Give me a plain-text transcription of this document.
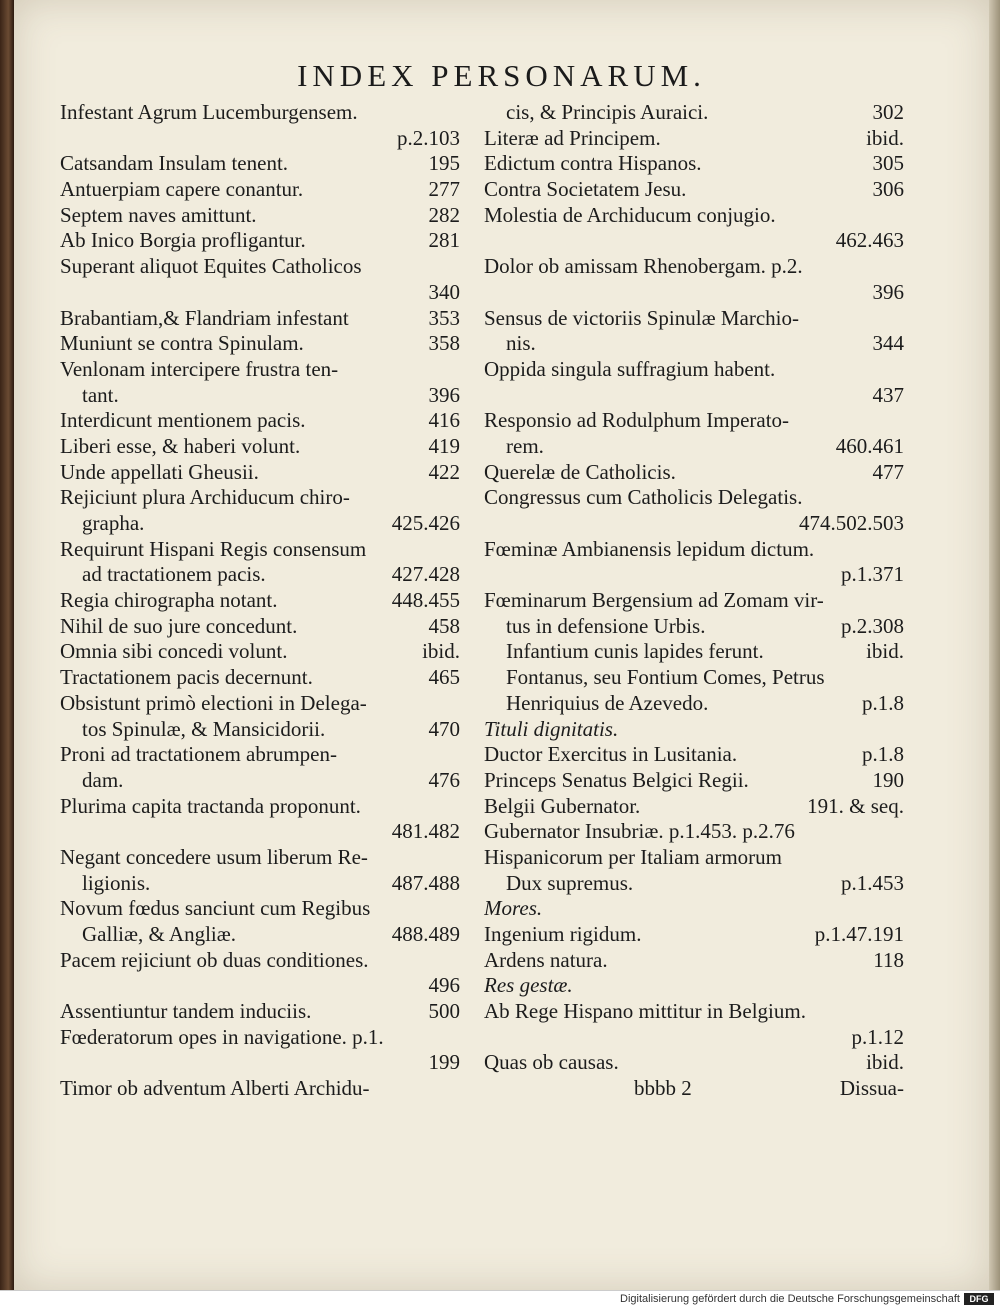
INDEX PERSONARUM.
Infestant Agrum Lucemburgensem.
p.2.103
Catsandam Insulam tenent.	195
Antuerpiam capere conantur.	277
Septem naves amittunt.	282
Ab Inico Borgia profligantur.	281
Superant aliquot Equites Catholicos
340
Brabantiam,& Flandriam infestant	353
Muniunt se contra Spinulam.	358
Venlonam intercipere frustra ten-
tant.	396
Interdicunt mentionem pacis.	416
Liberi esse, & haberi volunt.	419
Unde appellati Gheusii.	422
Rejiciunt plura Archiducum chiro-
grapha.	425.426
Requirunt Hispani Regis consensum
ad tractationem pacis.	427.428
Regia chirographa notant.	448.455
Nihil de suo jure concedunt.	458
Omnia sibi concedi volunt.	ibid.
Tractationem pacis decernunt.	465
Obsistunt primò electioni in Delega-
tos Spinulæ, & Mansicidorii.	470
Proni ad tractationem abrumpen-
dam.	476
Plurima capita tractanda proponunt.
481.482
Negant concedere usum liberum Re-
ligionis.	487.488
Novum fœdus sanciunt cum Regibus
Galliæ, & Angliæ.	488.489
Pacem rejiciunt ob duas conditiones.
496
Assentiuntur tandem induciis.	500
Fœderatorum opes in navigatione. p.1.
199
Timor ob adventum Alberti Archidu-
cis, & Principis Auraici.	302
Literæ ad Principem.	ibid.
Edictum contra Hispanos.	305
Contra Societatem Jesu.	306
Molestia de Archiducum conjugio.
462.463
Dolor ob amissam Rhenobergam. p.2.
396
Sensus de victoriis Spinulæ Marchio-
nis.	344
Oppida singula suffragium habent.
437
Responsio ad Rodulphum Imperato-
rem.	460.461
Querelæ de Catholicis.	477
Congressus cum Catholicis Delegatis.
474.502.503
Fœminæ Ambianensis lepidum dictum.
p.1.371
Fœminarum Bergensium ad Zomam vir-
tus in defensione Urbis.	p.2.308
Infantium cunis lapides ferunt.	ibid.
Fontanus, seu Fontium Comes, Petrus
Henriquius de Azevedo.	p.1.8
Tituli dignitatis.
Ductor Exercitus in Lusitania.	p.1.8
Princeps Senatus Belgici Regii.	190
Belgii Gubernator.	191. & seq.
Gubernator Insubriæ. p.1.453. p.2.76
Hispanicorum per Italiam armorum
Dux supremus.	p.1.453
Mores.
Ingenium rigidum.	p.1.47.191
Ardens natura.	118
Res gestæ.
Ab Rege Hispano mittitur in Belgium.
p.1.12
Quas ob causas.	ibid.
bbbb 2	Dissua-
Digitalisierung gefördert durch die Deutsche Forschungsgemeinschaft	DFG
